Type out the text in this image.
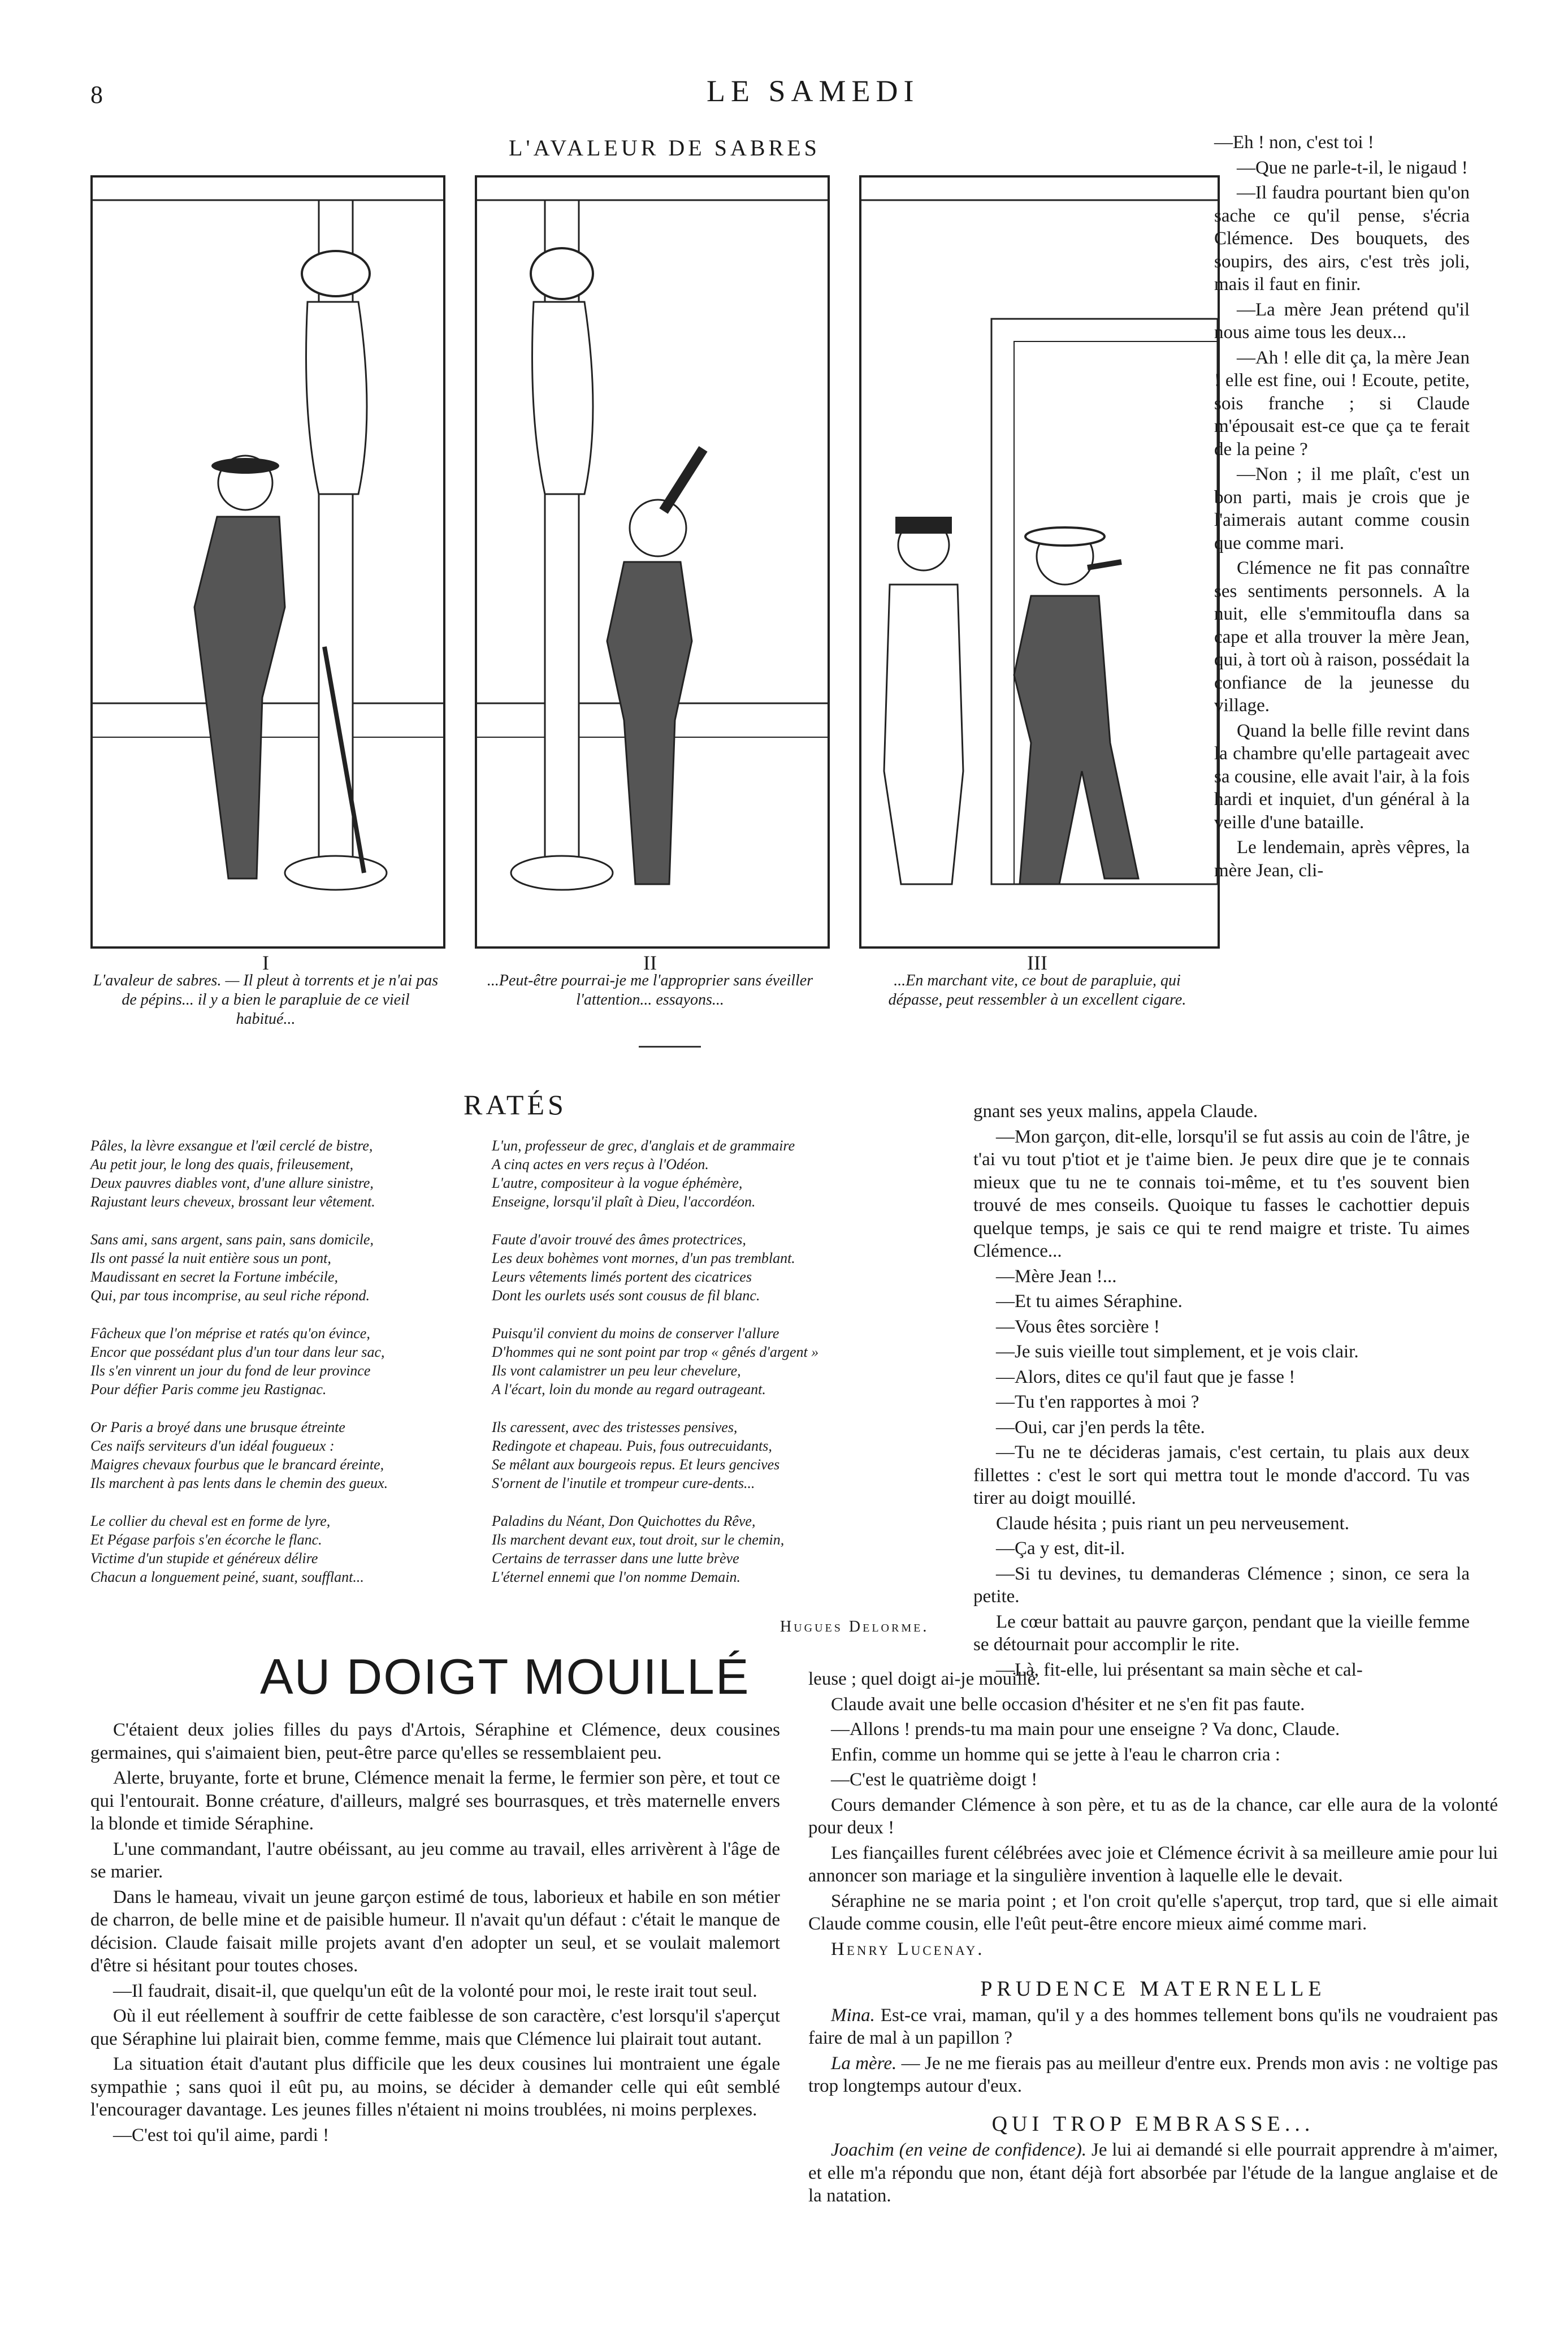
8	LE SAMEDI
L'AVALEUR DE SABRES
I
L'avaleur de sabres. — Il pleut à torrents et je n'ai pas de pépins... il y a bien le parapluie de ce vieil habitué...
II
...Peut-être pourrai-je me l'approprier sans éveiller l'attention... essayons...
III
...En marchant vite, ce bout de parapluie, qui dépasse, peut ressembler à un excellent cigare.

—Eh ! non, c'est toi !

—Que ne parle-t-il, le nigaud !

—Il faudra pourtant bien qu'on sache ce qu'il pense, s'écria Clémence. Des bouquets, des soupirs, des airs, c'est très joli, mais il faut en finir.

—La mère Jean prétend qu'il nous aime tous les deux...

—Ah ! elle dit ça, la mère Jean ! elle est fine, oui ! Ecoute, petite, sois franche ; si Claude m'épousait est-ce que ça te ferait de la peine ?

—Non ; il me plaît, c'est un bon parti, mais je crois que je l'aimerais autant comme cousin que comme mari.

Clémence ne fit pas connaître ses sentiments personnels. A la nuit, elle s'emmitoufla dans sa cape et alla trouver la mère Jean, qui, à tort où à raison, possédait la confiance de la jeunesse du village.

Quand la belle fille revint dans la chambre qu'elle partageait avec sa cousine, elle avait l'air, à la fois hardi et inquiet, d'un général à la veille d'une bataille.

Le lendemain, après vêpres, la mère Jean, cli-

gnant ses yeux malins, appela Claude.

—Mon garçon, dit-elle, lorsqu'il se fut assis au coin de l'âtre, je t'ai vu tout p'tiot et je t'aime bien. Je peux dire que je te connais mieux que tu ne te connais toi-même, et tu t'es souvent bien trouvé de mes conseils. Quoique tu fasses le cachottier depuis quelque temps, je sais ce qui te rend maigre et triste. Tu aimes Clémence...

—Mère Jean !...

—Et tu aimes Séraphine.

—Vous êtes sorcière !

—Je suis vieille tout simplement, et je vois clair.

—Alors, dites ce qu'il faut que je fasse !

—Tu t'en rapportes à moi ?

—Oui, car j'en perds la tête.

—Tu ne te décideras jamais, c'est certain, tu plais aux deux fillettes : c'est le sort qui mettra tout le monde d'accord. Tu vas tirer au doigt mouillé.

Claude hésita ; puis riant un peu nerveusement.

—Ça y est, dit-il.

—Si tu devines, tu demanderas Clémence ; sinon, ce sera la petite.

Le cœur battait au pauvre garçon, pendant que la vieille femme se détournait pour accomplir le rite.

—Là, fit-elle, lui présentant sa main sèche et cal-

RATÉS
Pâles, la lèvre exsangue et l'œil cerclé de bistre,
Au petit jour, le long des quais, frileusement,
Deux pauvres diables vont, d'une allure sinistre,
Rajustant leurs cheveux, brossant leur vêtement.
Sans ami, sans argent, sans pain, sans domicile,
Ils ont passé la nuit entière sous un pont,
Maudissant en secret la Fortune imbécile,
Qui, par tous incomprise, au seul riche répond.
Fâcheux que l'on méprise et ratés qu'on évince,
Encor que possédant plus d'un tour dans leur sac,
Ils s'en vinrent un jour du fond de leur province
Pour défier Paris comme jeu Rastignac.
Or Paris a broyé dans une brusque étreinte
Ces naïfs serviteurs d'un idéal fougueux :
Maigres chevaux fourbus que le brancard éreinte,
Ils marchent à pas lents dans le chemin des gueux.
Le collier du cheval est en forme de lyre,
Et Pégase parfois s'en écorche le flanc.
Victime d'un stupide et généreux délire
Chacun a longuement peiné, suant, soufflant...
L'un, professeur de grec, d'anglais et de grammaire
A cinq actes en vers reçus à l'Odéon.
L'autre, compositeur à la vogue éphémère,
Enseigne, lorsqu'il plaît à Dieu, l'accordéon.
Faute d'avoir trouvé des âmes protectrices,
Les deux bohèmes vont mornes, d'un pas tremblant.
Leurs vêtements limés portent des cicatrices
Dont les ourlets usés sont cousus de fil blanc.
Puisqu'il convient du moins de conserver l'allure
D'hommes qui ne sont point par trop « gênés d'argent »
Ils vont calamistrer un peu leur chevelure,
A l'écart, loin du monde au regard outrageant.
Ils caressent, avec des tristesses pensives,
Redingote et chapeau. Puis, fous outrecuidants,
Se mêlant aux bourgeois repus. Et leurs gencives
S'ornent de l'inutile et trompeur cure-dents...
Paladins du Néant, Don Quichottes du Rêve,
Ils marchent devant eux, tout droit, sur le chemin,
Certains de terrasser dans une lutte brève
L'éternel ennemi que l'on nomme Demain.
Hugues Delorme.
AU DOIGT MOUILLÉ

C'étaient deux jolies filles du pays d'Artois, Séraphine et Clémence, deux cousines germaines, qui s'aimaient bien, peut-être parce qu'elles se ressemblaient peu.

Alerte, bruyante, forte et brune, Clémence menait la ferme, le fermier son père, et tout ce qui l'entourait. Bonne créature, d'ailleurs, malgré ses bourrasques, et très maternelle envers la blonde et timide Séraphine.

L'une commandant, l'autre obéissant, au jeu comme au travail, elles arrivèrent à l'âge de se marier.

Dans le hameau, vivait un jeune garçon estimé de tous, laborieux et habile en son métier de charron, de belle mine et de paisible humeur. Il n'avait qu'un défaut : c'était le manque de décision. Claude faisait mille projets avant d'en adopter un seul, et se voulait malemort d'être si hésitant pour toutes choses.

—Il faudrait, disait-il, que quelqu'un eût de la volonté pour moi, le reste irait tout seul.

Où il eut réellement à souffrir de cette faiblesse de son caractère, c'est lorsqu'il s'aperçut que Séraphine lui plairait bien, comme femme, mais que Clémence lui plairait tout autant.

La situation était d'autant plus difficile que les deux cousines lui montraient une égale sympathie ; sans quoi il eût pu, au moins, se décider à demander celle qui eût semblé l'encourager davantage. Les jeunes filles n'étaient ni moins troublées, ni moins perplexes.

—C'est toi qu'il aime, pardi !

leuse ; quel doigt ai-je mouillé.

Claude avait une belle occasion d'hésiter et ne s'en fit pas faute.

—Allons ! prends-tu ma main pour une enseigne ? Va donc, Claude.

Enfin, comme un homme qui se jette à l'eau le charron cria :

—C'est le quatrième doigt !

Cours demander Clémence à son père, et tu as de la chance, car elle aura de la volonté pour deux !

Les fiançailles furent célébrées avec joie et Clémence écrivit à sa meilleure amie pour lui annoncer son mariage et la singulière invention à laquelle elle le devait.

Séraphine ne se maria point ; et l'on croit qu'elle s'aperçut, trop tard, que si elle aimait Claude comme cousin, elle l'eût peut-être encore mieux aimé comme mari.

Henry Lucenay.

PRUDENCE MATERNELLE

Mina. Est-ce vrai, maman, qu'il y a des hommes tellement bons qu'ils ne voudraient pas faire de mal à un papillon ?

La mère. — Je ne me fierais pas au meilleur d'entre eux. Prends mon avis : ne voltige pas trop longtemps autour d'eux.

QUI TROP EMBRASSE...

Joachim (en veine de confidence). Je lui ai demandé si elle pourrait apprendre à m'aimer, et elle m'a répondu que non, étant déjà fort absorbée par l'étude de la langue anglaise et de la natation.
